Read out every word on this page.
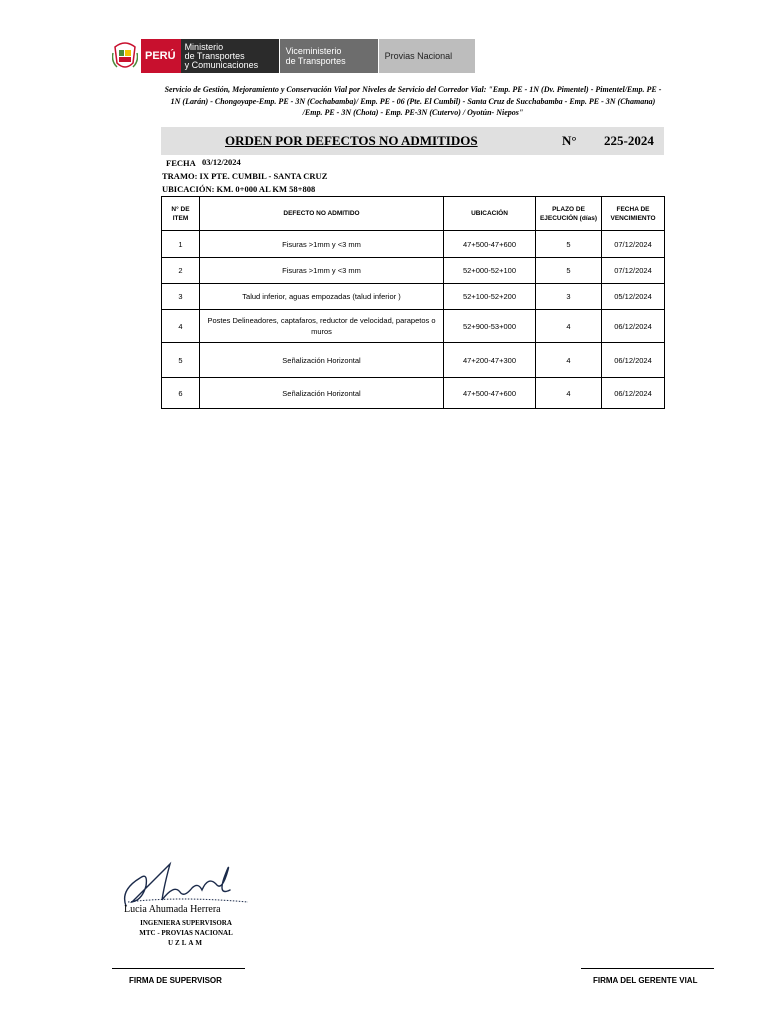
PERÚ
Ministerio
de Transportes
y Comunicaciones
Viceministerio
de Transportes	Provias Nacional
Servicio de Gestión, Mejoramiento y Conservación Vial por Niveles de Servicio del Corredor Vial: "Emp. PE - 1N (Dv. Pimentel) - Pimentel/Emp. PE - 1N (Larán) - Chongoyape-Emp. PE - 3N (Cochabamba)/ Emp. PE - 06 (Pte. El Cumbil) - Santa Cruz de Succhabamba - Emp. PE - 3N (Chamana) /Emp. PE - 3N (Chota) - Emp. PE-3N (Cutervo) / Oyotún- Niepos"
ORDEN POR DEFECTOS NO ADMITIDOS	N° 225-2024
FECHA 03/12/2024
TRAMO: IX PTE. CUMBIL - SANTA CRUZ
UBICACIÓN: KM. 0+000 AL KM 58+808
N° DE ITEM	DEFECTO NO ADMITIDO	UBICACIÓN	PLAZO DE EJECUCIÓN (días)	FECHA DE VENCIMIENTO
1	Fisuras >1mm y <3 mm	47+500-47+600	5	07/12/2024
2	Fisuras >1mm y <3 mm	52+000-52+100	5	07/12/2024
3	Talud inferior, aguas empozadas (talud inferior )	52+100-52+200	3	05/12/2024
4	Postes Delineadores, captafaros, reductor de velocidad, parapetos o muros	52+900-53+000	4	06/12/2024
5	Señalización Horizontal	47+200-47+300	4	06/12/2024
6	Señalización Horizontal	47+500-47+600	4	06/12/2024
Lucia Ahumada Herrera
INGENIERA SUPERVISORA
MTC - PROVIAS NACIONAL
UZLAM
FIRMA DE SUPERVISOR	FIRMA DEL GERENTE VIAL
